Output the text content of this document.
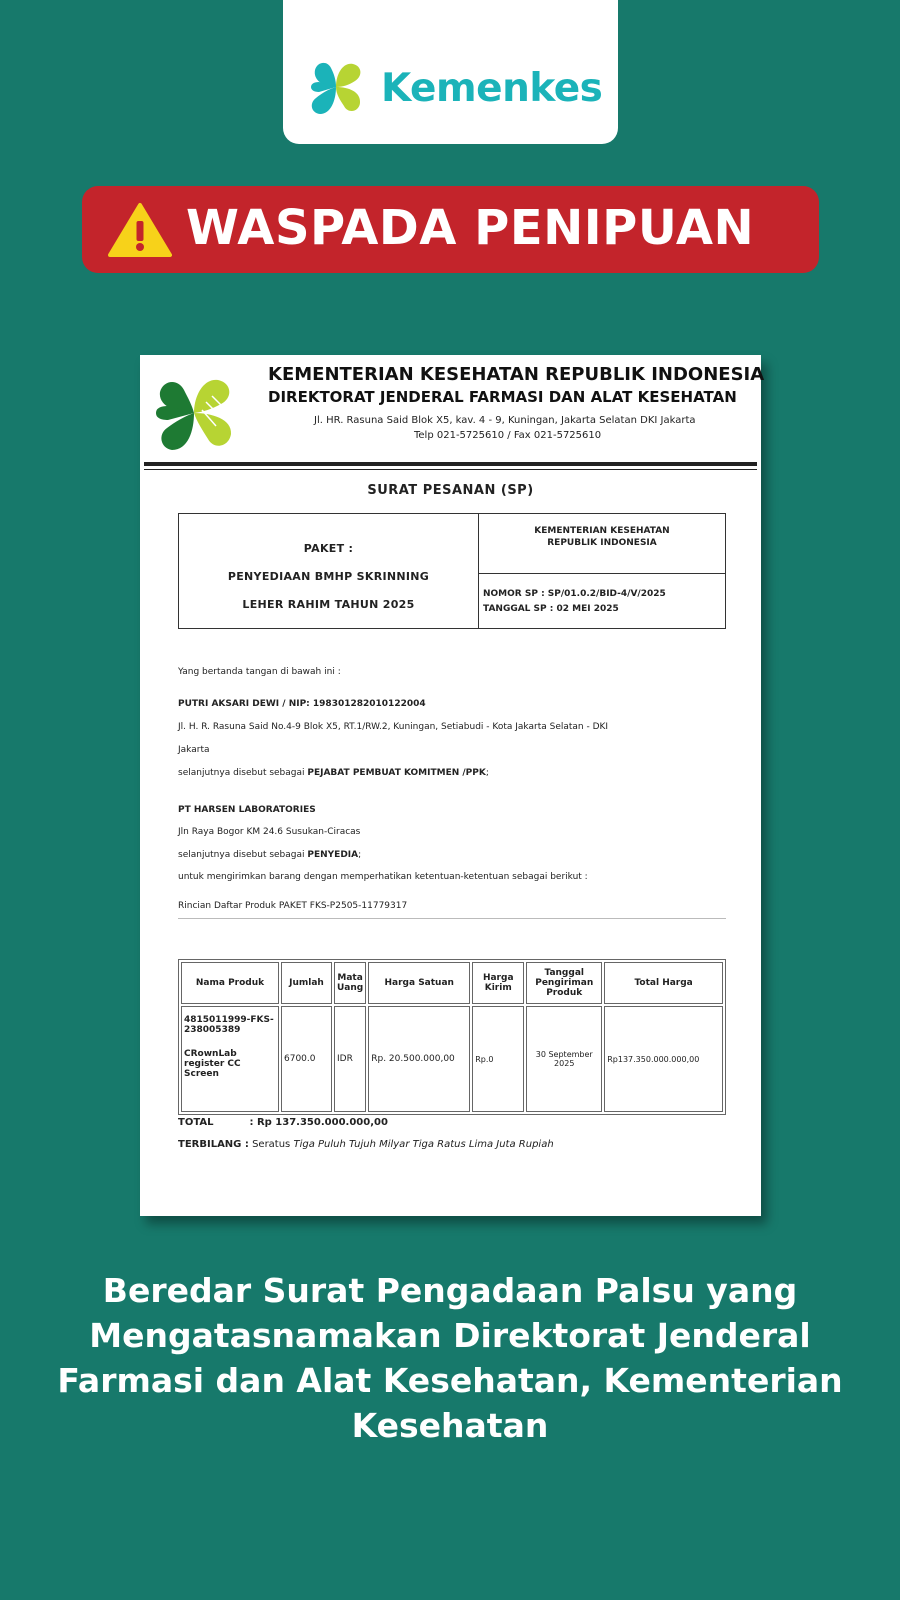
Kemenkes
WASPADA PENIPUAN
KEMENTERIAN KESEHATAN REPUBLIK INDONESIA
DIREKTORAT JENDERAL FARMASI DAN ALAT KESEHATAN
Jl. HR. Rasuna Said Blok X5, kav. 4 - 9, Kuningan, Jakarta Selatan DKI Jakarta
Telp 021-5725610 / Fax 021-5725610
SURAT PESANAN (SP)
PAKET :
PENYEDIAAN BMHP SKRINNING
LEHER RAHIM TAHUN 2025
KEMENTERIAN KESEHATAN
REPUBLIK INDONESIA
NOMOR SP : SP/01.0.2/BID-4/V/2025
TANGGAL SP : 02 MEI 2025
Yang bertanda tangan di bawah ini :
PUTRI AKSARI DEWI / NIP: 198301282010122004
Jl. H. R. Rasuna Said No.4-9 Blok X5, RT.1/RW.2, Kuningan, Setiabudi - Kota Jakarta Selatan - DKI
Jakarta
selanjutnya disebut sebagai PEJABAT PEMBUAT KOMITMEN /PPK;
PT HARSEN LABORATORIES
Jln Raya Bogor KM 24.6 Susukan-Ciracas
selanjutnya disebut sebagai PENYEDIA;
untuk mengirimkan barang dengan memperhatikan ketentuan-ketentuan sebagai berikut :
Rincian Daftar Produk PAKET FKS-P2505-11779317
Nama Produk	Jumlah	Mata Uang	Harga Satuan	Harga Kirim	Tanggal Pengiriman Produk	Total Harga

4815011999-FKS-238005389
CRownLab register CC Screen	6700.0	IDR	Rp. 20.500.000,00	Rp.0	30 September 2025	Rp137.350.000.000,00
TOTAL	: Rp 137.350.000.000,00
TERBILANG : Seratus Tiga Puluh Tujuh Milyar Tiga Ratus Lima Juta Rupiah
Beredar Surat Pengadaan Palsu yang Mengatasnamakan Direktorat Jenderal Farmasi dan Alat Kesehatan, Kementerian Kesehatan
